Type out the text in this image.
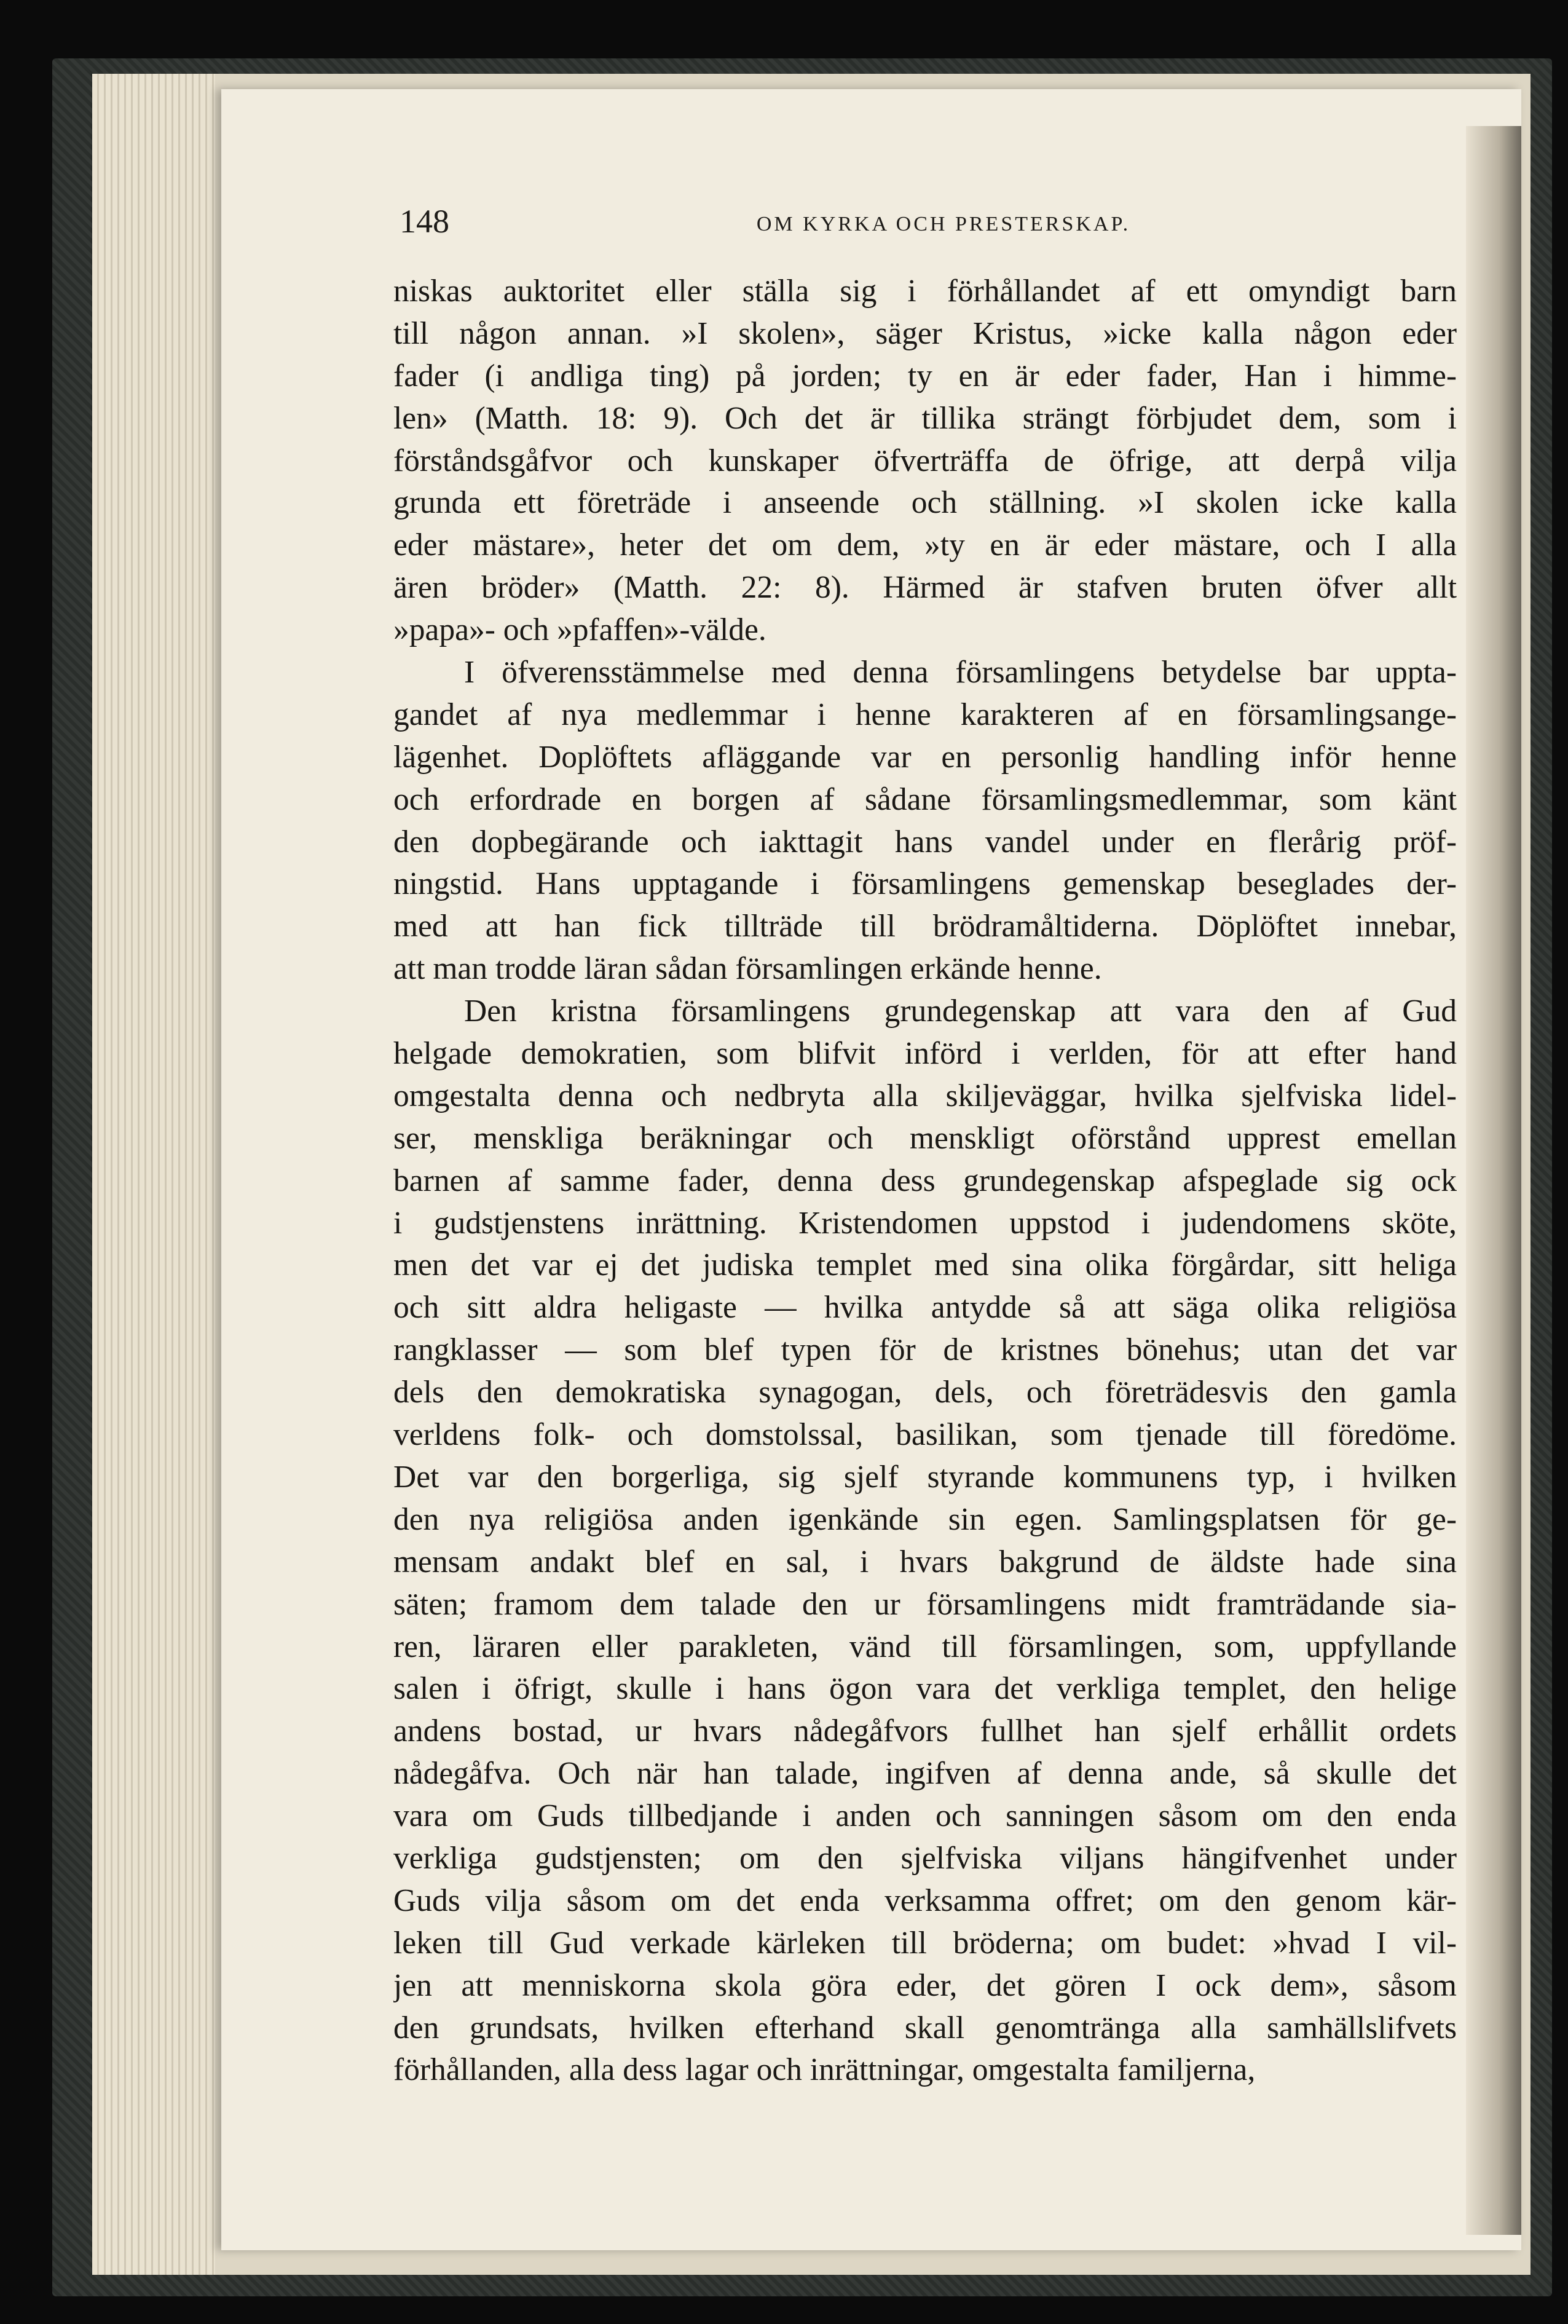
148	OM KYRKA OCH PRESTERSKAP.
niskas auktoritet eller ställa sig i förhållandet af ett omyndigt barn
till någon annan. »I skolen», säger Kristus, »icke kalla någon eder
fader (i andliga ting) på jorden; ty en är eder fader, Han i himme-
len» (Matth. 18: 9). Och det är tillika strängt förbjudet dem, som i
förståndsgåfvor och kunskaper öfverträffa de öfrige, att derpå vilja
grunda ett företräde i anseende och ställning. »I skolen icke kalla
eder mästare», heter det om dem, »ty en är eder mästare, och I alla
ären bröder» (Matth. 22: 8). Härmed är stafven bruten öfver allt
»papa»- och »pfaffen»-välde.
I öfverensstämmelse med denna församlingens betydelse bar uppta-
gandet af nya medlemmar i henne karakteren af en församlingsange-
lägenhet. Doplöftets afläggande var en personlig handling inför henne
och erfordrade en borgen af sådane församlingsmedlemmar, som känt
den dopbegärande och iakttagit hans vandel under en flerårig pröf-
ningstid. Hans upptagande i församlingens gemenskap beseglades der-
med att han fick tillträde till brödramåltiderna. Döplöftet innebar,
att man trodde läran sådan församlingen erkände henne.
Den kristna församlingens grundegenskap att vara den af Gud
helgade demokratien, som blifvit införd i verlden, för att efter hand
omgestalta denna och nedbryta alla skiljeväggar, hvilka sjelfviska lidel-
ser, menskliga beräkningar och menskligt oförstånd upprest emellan
barnen af samme fader, denna dess grundegenskap afspeglade sig ock
i gudstjenstens inrättning. Kristendomen uppstod i judendomens sköte,
men det var ej det judiska templet med sina olika förgårdar, sitt heliga
och sitt aldra heligaste — hvilka antydde så att säga olika religiösa
rangklasser — som blef typen för de kristnes bönehus; utan det var
dels den demokratiska synagogan, dels, och företrädesvis den gamla
verldens folk- och domstolssal, basilikan, som tjenade till föredöme.
Det var den borgerliga, sig sjelf styrande kommunens typ, i hvilken
den nya religiösa anden igenkände sin egen. Samlingsplatsen för ge-
mensam andakt blef en sal, i hvars bakgrund de äldste hade sina
säten; framom dem talade den ur församlingens midt framträdande sia-
ren, läraren eller parakleten, vänd till församlingen, som, uppfyllande
salen i öfrigt, skulle i hans ögon vara det verkliga templet, den helige
andens bostad, ur hvars nådegåfvors fullhet han sjelf erhållit ordets
nådegåfva. Och när han talade, ingifven af denna ande, så skulle det
vara om Guds tillbedjande i anden och sanningen såsom om den enda
verkliga gudstjensten; om den sjelfviska viljans hängifvenhet under
Guds vilja såsom om det enda verksamma offret; om den genom kär-
leken till Gud verkade kärleken till bröderna; om budet: »hvad I vil-
jen att menniskorna skola göra eder, det gören I ock dem», såsom
den grundsats, hvilken efterhand skall genomtränga alla samhällslifvets
förhållanden, alla dess lagar och inrättningar, omgestalta familjerna,
